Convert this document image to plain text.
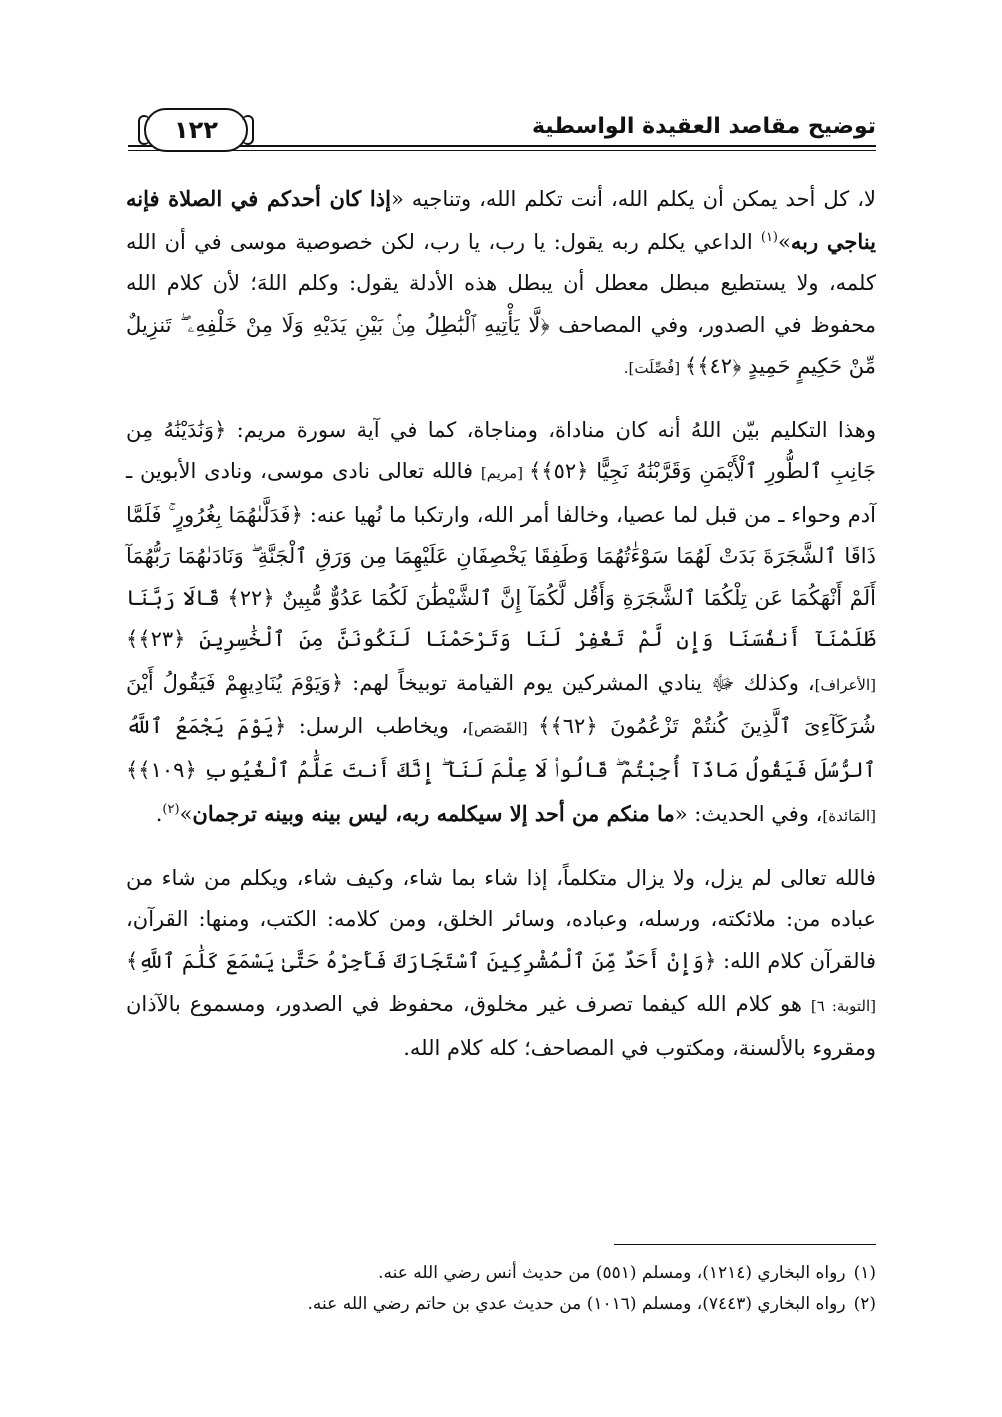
توضيح مقاصد العقيدة الواسطية
١٢٢

لا، كل أحد يمكن أن يكلم الله، أنت تكلم الله، وتناجيه «إذا كان أحدكم في الصلاة فإنه يناجي ربه»$^{(١)}$ الداعي يكلم ربه يقول: يا رب، يا رب، لكن خصوصية موسى في أن الله كلمه، ولا يستطيع مبطل معطل أن يبطل هذه الأدلة يقول: وكلم اللهَ؛ لأن كلام الله محفوظ في الصدور، وفي المصاحف ﴿لَّا يَأْتِيهِ ٱلْبَٰطِلُ مِنۢ بَيْنِ يَدَيْهِ وَلَا مِنْ خَلْفِهِۦ ۖ تَنزِيلٌ مِّنْ حَكِيمٍ حَمِيدٍ ﴿٤٢﴾﴾ [فُصِّلَت].

وهذا التكليم بيّن اللهُ أنه كان مناداة، ومناجاة، كما في آية سورة مريم: ﴿وَنَٰدَيْنَٰهُ مِن جَانِبِ ٱلطُّورِ ٱلْأَيْمَنِ وَقَرَّبْنَٰهُ نَجِيًّا ﴿٥٢﴾﴾ [مريم] فالله تعالى نادى موسى، ونادى الأبوين ـ آدم وحواء ـ من قبل لما عصيا، وخالفا أمر الله، وارتكبا ما نُهيا عنه: ﴿فَدَلَّىٰهُمَا بِغُرُورٍ ۚ فَلَمَّا ذَاقَا ٱلشَّجَرَةَ بَدَتْ لَهُمَا سَوْءَٰتُهُمَا وَطَفِقَا يَخْصِفَانِ عَلَيْهِمَا مِن وَرَقِ ٱلْجَنَّةِ ۖ وَنَادَىٰهُمَا رَبُّهُمَآ أَلَمْ أَنْهَكُمَا عَن تِلْكُمَا ٱلشَّجَرَةِ وَأَقُل لَّكُمَآ إِنَّ ٱلشَّيْطَٰنَ لَكُمَا عَدُوٌّ مُّبِينٌ ﴿٢٢﴾ قَالَا رَبَّنَا ظَلَمْنَآ أَنفُسَنَا وَإِن لَّمْ تَغْفِرْ لَنَا وَتَرْحَمْنَا لَنَكُونَنَّ مِنَ ٱلْخَٰسِرِينَ ﴿٢٣﴾﴾ [الأعراف]، وكذلك ﷻ ينادي المشركين يوم القيامة توبيخاً لهم: ﴿وَيَوْمَ يُنَادِيهِمْ فَيَقُولُ أَيْنَ شُرَكَآءِىَ ٱلَّذِينَ كُنتُمْ تَزْعُمُونَ ﴿٦٢﴾﴾ [القَصَص]، ويخاطب الرسل: ﴿يَوْمَ يَجْمَعُ ٱللَّهُ ٱلرُّسُلَ فَيَقُولُ مَاذَآ أُجِبْتُمْ ۖ قَالُوا۟ لَا عِلْمَ لَنَآ ۖ إِنَّكَ أَنتَ عَلَّٰمُ ٱلْغُيُوبِ ﴿١٠٩﴾﴾ [المَائدة]، وفي الحديث: «ما منكم من أحد إلا سيكلمه ربه، ليس بينه وبينه ترجمان»$^{(٢)}$.

فالله تعالى لم يزل، ولا يزال متكلماً، إذا شاء بما شاء، وكيف شاء، ويكلم من شاء من عباده من: ملائكته، ورسله، وعباده، وسائر الخلق، ومن كلامه: الكتب، ومنها: القرآن، فالقرآن كلام الله: ﴿وَإِنْ أَحَدٌ مِّنَ ٱلْمُشْرِكِينَ ٱسْتَجَارَكَ فَأَجِرْهُ حَتَّىٰ يَسْمَعَ كَلَٰمَ ٱللَّهِ﴾ [التوبة: ٦] هو كلام الله كيفما تصرف غير مخلوق، محفوظ في الصدور، ومسموع بالآذان ومقروء بالألسنة، ومكتوب في المصاحف؛ كله كلام الله.

(١)رواه البخاري (١٢١٤)، ومسلم (٥٥١) من حديث أنس رضي الله عنه.

(٢)رواه البخاري (٧٤٤٣)، ومسلم (١٠١٦) من حديث عدي بن حاتم رضي الله عنه.
